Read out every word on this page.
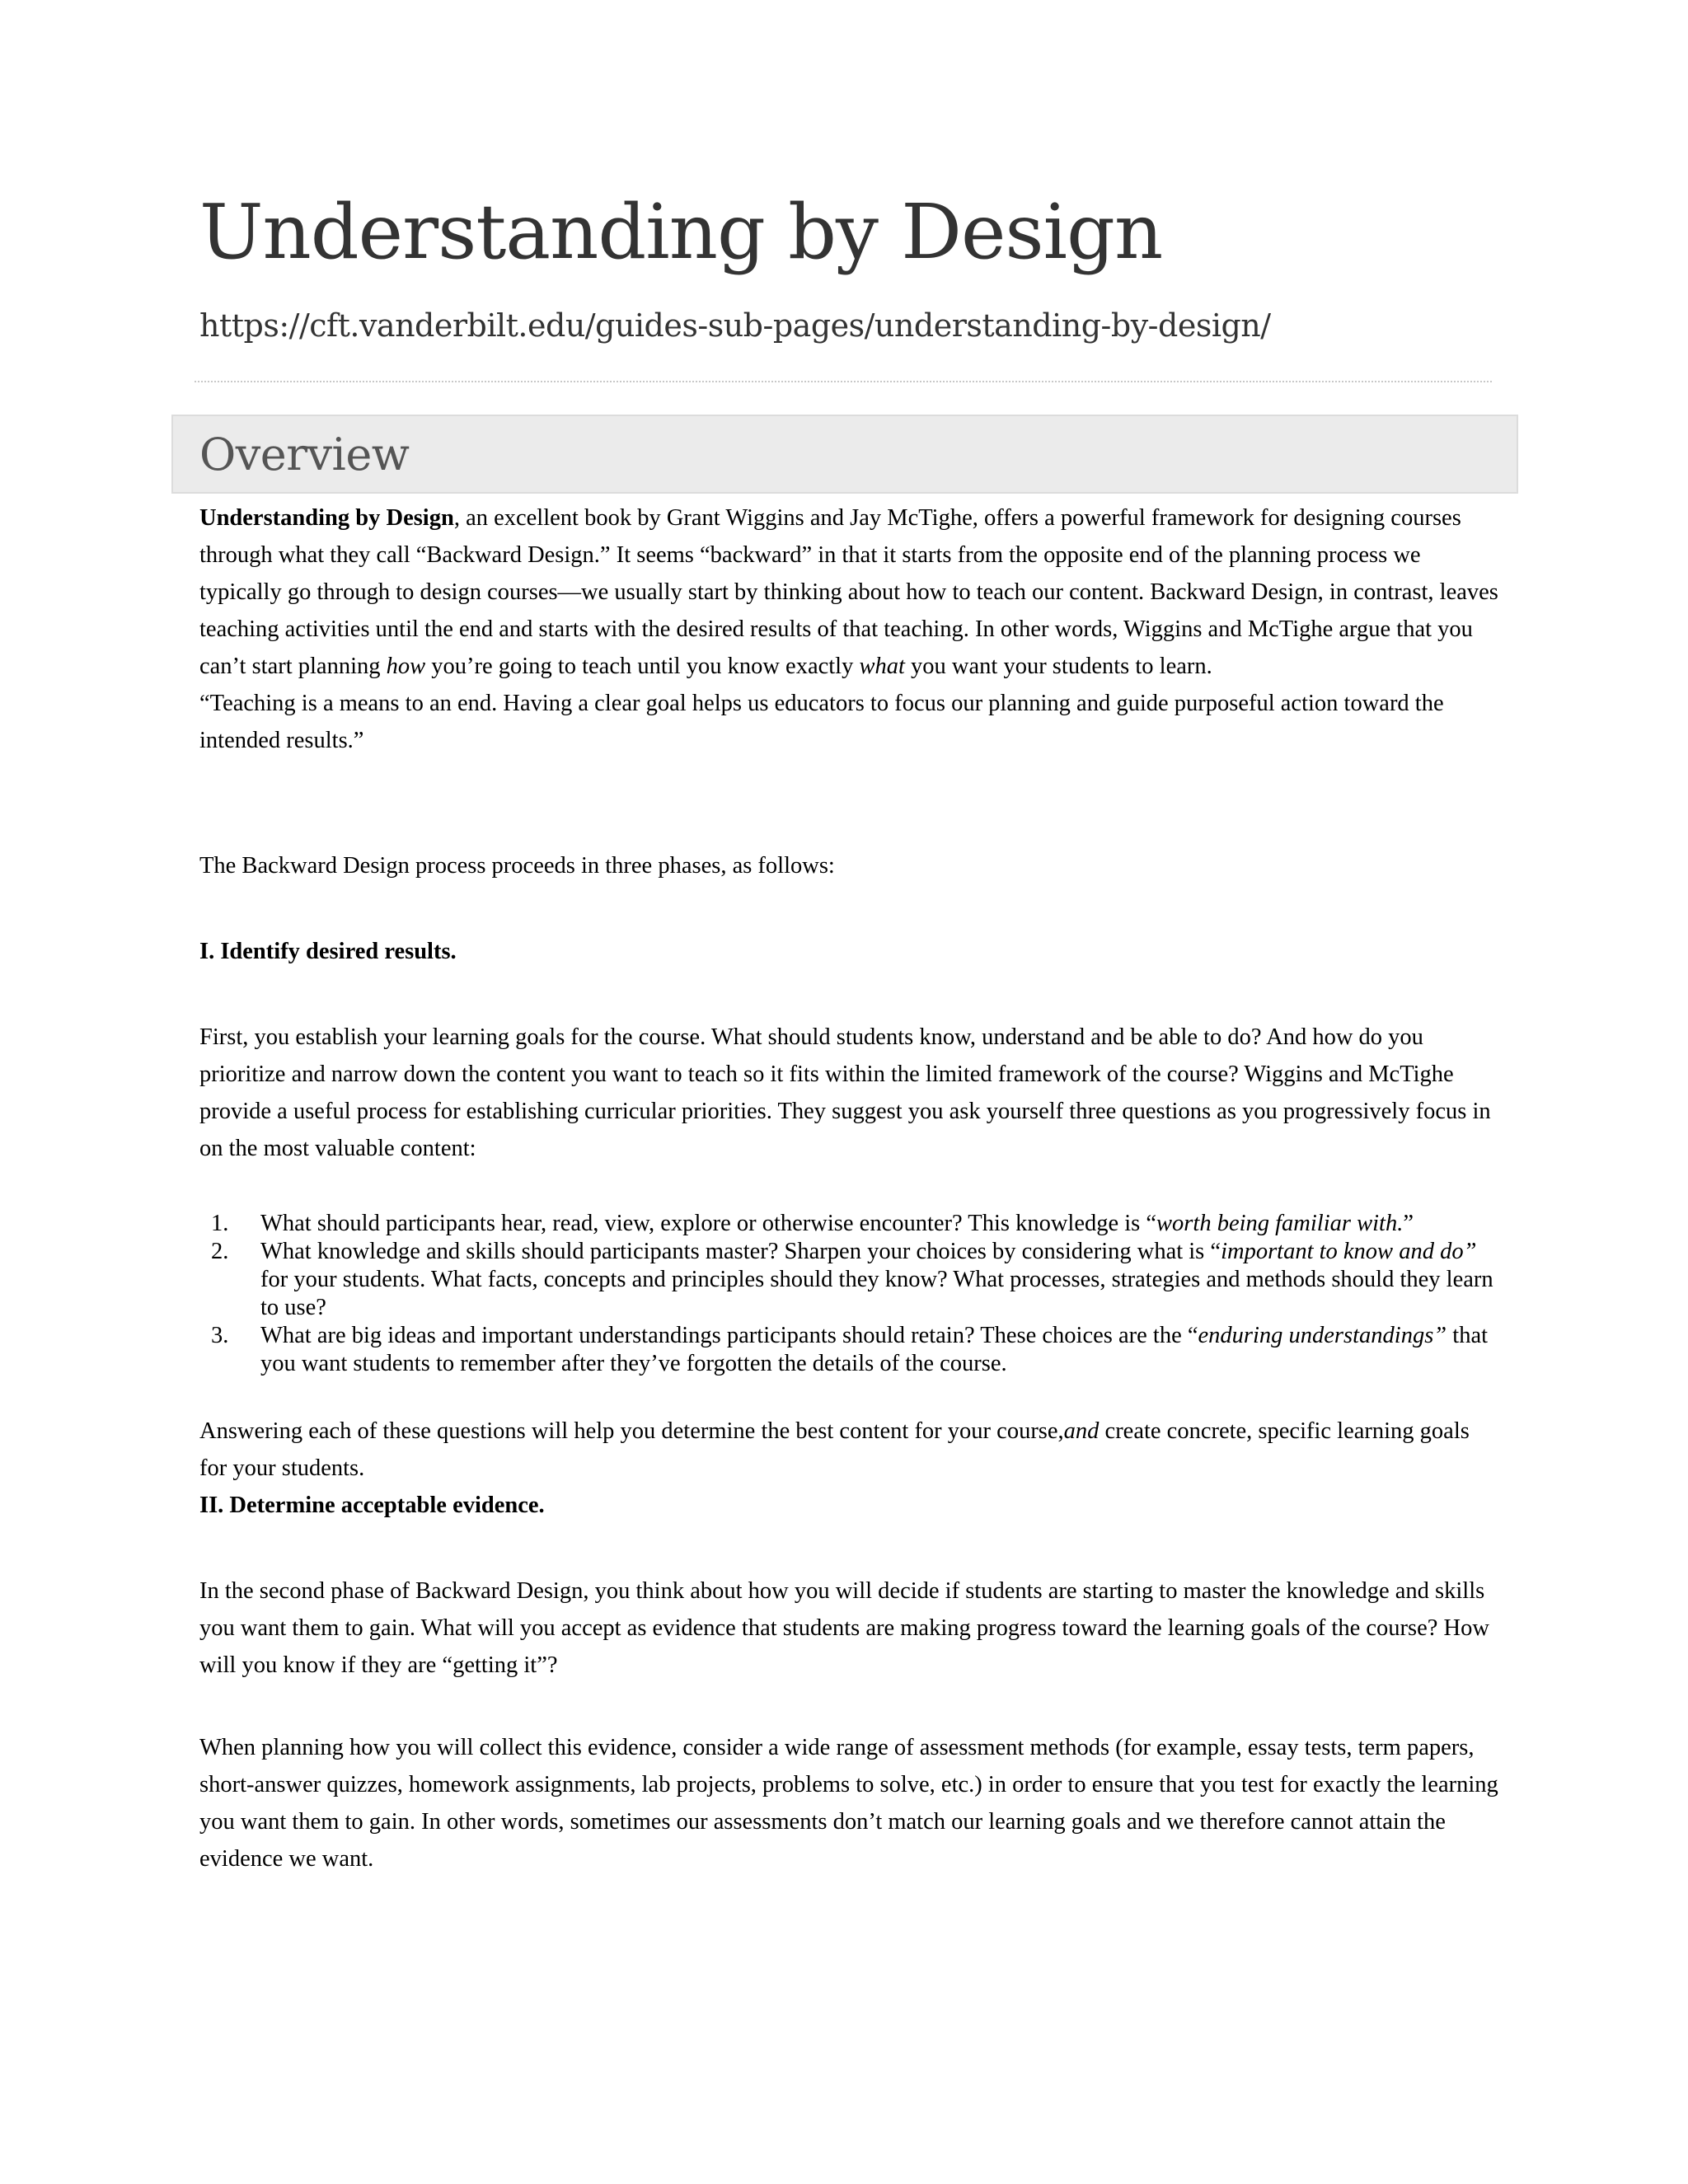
Understanding by Design
https://cft.vanderbilt.edu/guides-sub-pages/understanding-by-design/
Overview

Understanding by Design, an excellent book by Grant Wiggins and Jay McTighe, offers a powerful framework for designing courses through what they call “Backward Design.” It seems “backward” in that it starts from the opposite end of the planning process we typically go through to design courses—we usually start by thinking about how to teach our content. Backward Design, in contrast, leaves teaching activities until the end and starts with the desired results of that teaching. In other words, Wiggins and McTighe argue that you can’t start planning how you’re going to teach until you know exactly what you want your students to learn.

“Teaching is a means to an end. Having a clear goal helps us educators to focus our planning and guide purposeful action toward the intended results.”

The Backward Design process proceeds in three phases, as follows:
I. Identify desired results.
First, you establish your learning goals for the course. What should students know, understand and be able to do? And how do you prioritize and narrow down the content you want to teach so it fits within the limited framework of the course? Wiggins and McTighe provide a useful process for establishing curricular priorities. They suggest you ask yourself three questions as you progressively focus in on the most valuable content:
1. What should participants hear, read, view, explore or otherwise encounter? This knowledge is “worth being familiar with.”
2. What knowledge and skills should participants master? Sharpen your choices by considering what is “important to know and do” for your students. What facts, concepts and principles should they know? What processes, strategies and methods should they learn to use?
3. What are big ideas and important understandings participants should retain? These choices are the “enduring understandings” that you want students to remember after they’ve forgotten the details of the course.
Answering each of these questions will help you determine the best content for your course,and create concrete, specific learning goals for your students.
II. Determine acceptable evidence.
In the second phase of Backward Design, you think about how you will decide if students are starting to master the knowledge and skills you want them to gain. What will you accept as evidence that students are making progress toward the learning goals of the course? How will you know if they are “getting it”?
When planning how you will collect this evidence, consider a wide range of assessment methods (for example, essay tests, term papers, short-answer quizzes, homework assignments, lab projects, problems to solve, etc.) in order to ensure that you test for exactly the learning you want them to gain. In other words, sometimes our assessments don’t match our learning goals and we therefore cannot attain the evidence we want.
